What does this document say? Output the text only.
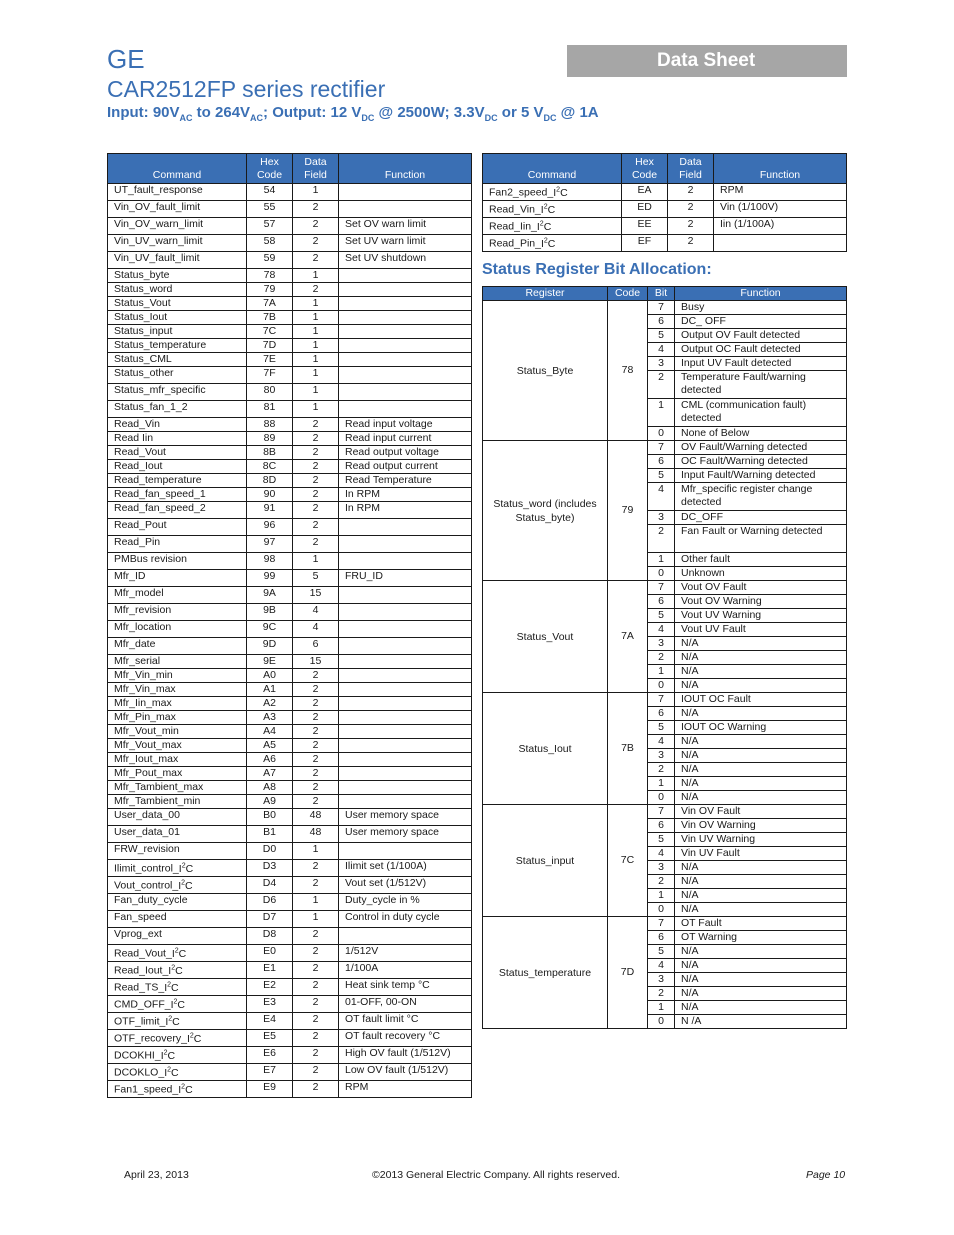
GE	Data Sheet
CAR2512FP series rectifier
Input: $90V_{AC}$ to $264V_{AC}$; Output: 12 $V_{DC}$ @ 2500W; $3.3V_{DC}$ or 5 $V_{DC}$ @ 1A
Command	Hex Code	Data Field	Function
UT_fault_response	54	1	
Vin_OV_fault_limit	55	2	
Vin_OV_warn_limit	57	2	Set OV warn limit
Vin_UV_warn_limit	58	2	Set UV warn limit
Vin_UV_fault_limit	59	2	Set UV shutdown
Status_byte	78	1	
Status_word	79	2	
Status_Vout	7A	1	
Status_Iout	7B	1	
Status_input	7C	1	
Status_temperature	7D	1	
Status_CML	7E	1	
Status_other	7F	1	
Status_mfr_specific	80	1	
Status_fan_1_2	81	1	
Read_Vin	88	2	Read input voltage
Read Iin	89	2	Read input current
Read_Vout	8B	2	Read output voltage
Read_Iout	8C	2	Read output current
Read_temperature	8D	2	Read Temperature
Read_fan_speed_1	90	2	In RPM
Read_fan_speed_2	91	2	In RPM
Read_Pout	96	2	
Read_Pin	97	2	
PMBus revision	98	1	
Mfr_ID	99	5	FRU_ID
Mfr_model	9A	15	
Mfr_revision	9B	4	
Mfr_location	9C	4	
Mfr_date	9D	6	
Mfr_serial	9E	15	
Mfr_Vin_min	A0	2	
Mfr_Vin_max	A1	2	
Mfr_Iin_max	A2	2	
Mfr_Pin_max	A3	2	
Mfr_Vout_min	A4	2	
Mfr_Vout_max	A5	2	
Mfr_Iout_max	A6	2	
Mfr_Pout_max	A7	2	
Mfr_Tambient_max	A8	2	
Mfr_Tambient_min	A9	2	
User_data_00	B0	48	User memory space
User_data_01	B1	48	User memory space
FRW_revision	D0	1	
$Ilimit\_control\_I^2C$	D3	2	Ilimit set (1/100A)
$Vout\_control\_I^2C$	D4	2	Vout set (1/512V)
Fan_duty_cycle	D6	1	Duty_cycle in %
Fan_speed	D7	1	Control in duty cycle
Vprog_ext	D8	2	
$Read\_Vout\_I^2C$	E0	2	1/512V
$Read\_Iout\_I^2C$	E1	2	1/100A
$Read\_TS\_I^2C$	E2	2	Heat sink temp °C
$CMD\_OFF\_I^2C$	E3	2	01-OFF, 00-ON
$OTF\_limit\_I^2C$	E4	2	OT fault limit °C
$OTF\_recovery\_I^2C$	E5	2	OT fault recovery °C
$DCOKHI\_I^2C$	E6	2	High OV fault (1/512V)
$DCOKLO\_I^2C$	E7	2	Low OV fault (1/512V)
$Fan1\_speed\_I^2C$	E9	2	RPM
Command	Hex Code	Data Field	Function
$Fan2\_speed\_I^2C$	EA	2	RPM
$Read\_Vin\_I^2C$	ED	2	Vin (1/100V)
$Read\_Iin\_I^2C$	EE	2	Iin (1/100A)
$Read\_Pin\_I^2C$	EF	2	
Status Register Bit Allocation:
Register	Code	Bit	Function
Status_Byte	78	7	Busy
		6	DC_ OFF
		5	Output OV Fault detected
		4	Output OC Fault detected
		3	Input UV Fault detected
		2	Temperature Fault/warning detected
		1	CML (communication fault) detected
		0	None of Below
Status_word (includes Status_byte)	79	7	OV Fault/Warning detected
		6	OC Fault/Warning detected
		5	Input Fault/Warning detected
		4	Mfr_specific register change detected
		3	DC_OFF
		2	Fan Fault or Warning detected
		1	Other fault
		0	Unknown
Status_Vout	7A	7	Vout OV Fault
		6	Vout OV Warning
		5	Vout UV Warning
		4	Vout UV Fault
		3	N/A
		2	N/A
		1	N/A
		0	N/A
Status_Iout	7B	7	IOUT OC Fault
		6	N/A
		5	IOUT OC Warning
		4	N/A
		3	N/A
		2	N/A
		1	N/A
		0	N/A
Status_input	7C	7	Vin OV Fault
		6	Vin OV Warning
		5	Vin UV Warning
		4	Vin UV Fault
		3	N/A
		2	N/A
		1	N/A
		0	N/A
Status_temperature	7D	7	OT Fault
		6	OT Warning
		5	N/A
		4	N/A
		3	N/A
		2	N/A
		1	N/A
		0	N /A
April 23, 2013	©2013 General Electric Company. All rights reserved.	Page 10
